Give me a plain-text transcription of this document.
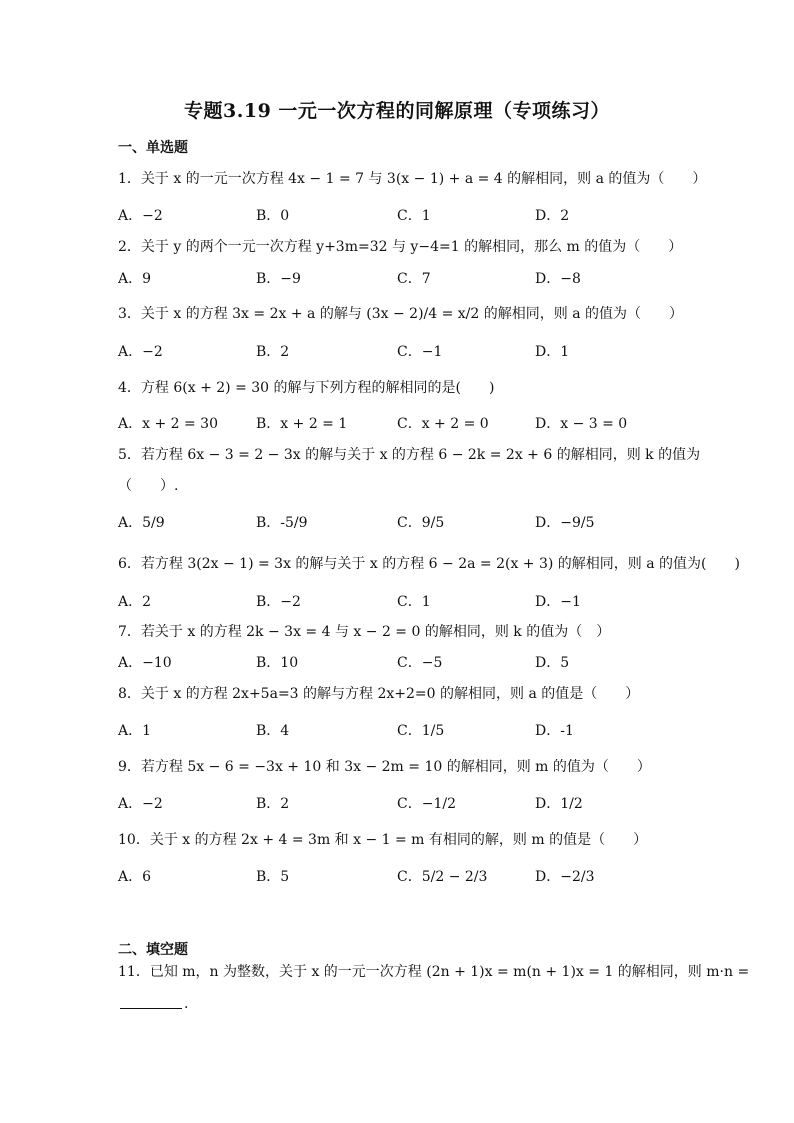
专题3.19 一元一次方程的同解原理（专项练习）
一、单选题
1．关于 x 的一元一次方程 4x − 1 = 7 与 3(x − 1) + a = 4 的解相同，则 a 的值为（　　）
A．−2	B．0	C．1	D．2
2．关于 y 的两个一元一次方程 y+3m=32 与 y−4=1 的解相同，那么 m 的值为（　　）
A．9	B．−9	C．7	D．−8
3．关于 x 的方程 3x = 2x + a 的解与 (3x − 2)/4 = x/2 的解相同，则 a 的值为（　　）
A．−2	B．2	C．−1	D．1
4．方程 6(x + 2) = 30 的解与下列方程的解相同的是(　　)
A．x + 2 = 30	B．x + 2 = 1	C．x + 2 = 0	D．x − 3 = 0
5．若方程 6x − 3 = 2 − 3x 的解与关于 x 的方程 6 − 2k = 2x + 6 的解相同，则 k 的值为
（　　）.
A．5/9	B．-5/9	C．9/5	D．−9/5
6．若方程 3(2x − 1) = 3x 的解与关于 x 的方程 6 − 2a = 2(x + 3) 的解相同，则 a 的值为(　　)
A．2	B．−2	C．1	D．−1
7．若关于 x 的方程 2k − 3x = 4 与 x − 2 = 0 的解相同，则 k 的值为（　）
A．−10	B．10	C．−5	D．5
8．关于 x 的方程 2x+5a=3 的解与方程 2x+2=0 的解相同，则 a 的值是（　　）
A．1	B．4	C．1/5	D．-1
9．若方程 5x − 6 = −3x + 10 和 3x − 2m = 10 的解相同，则 m 的值为（　　）
A．−2	B．2	C．−1/2	D．1/2
10．关于 x 的方程 2x + 4 = 3m 和 x − 1 = m 有相同的解，则 m 的值是（　　）
A．6	B．5	C．5/2 − 2/3	D．−2/3
二、填空题
11．已知 m，n 为整数，关于 x 的一元一次方程 (2n + 1)x = m(n + 1)x = 1 的解相同，则 m·n =
.
